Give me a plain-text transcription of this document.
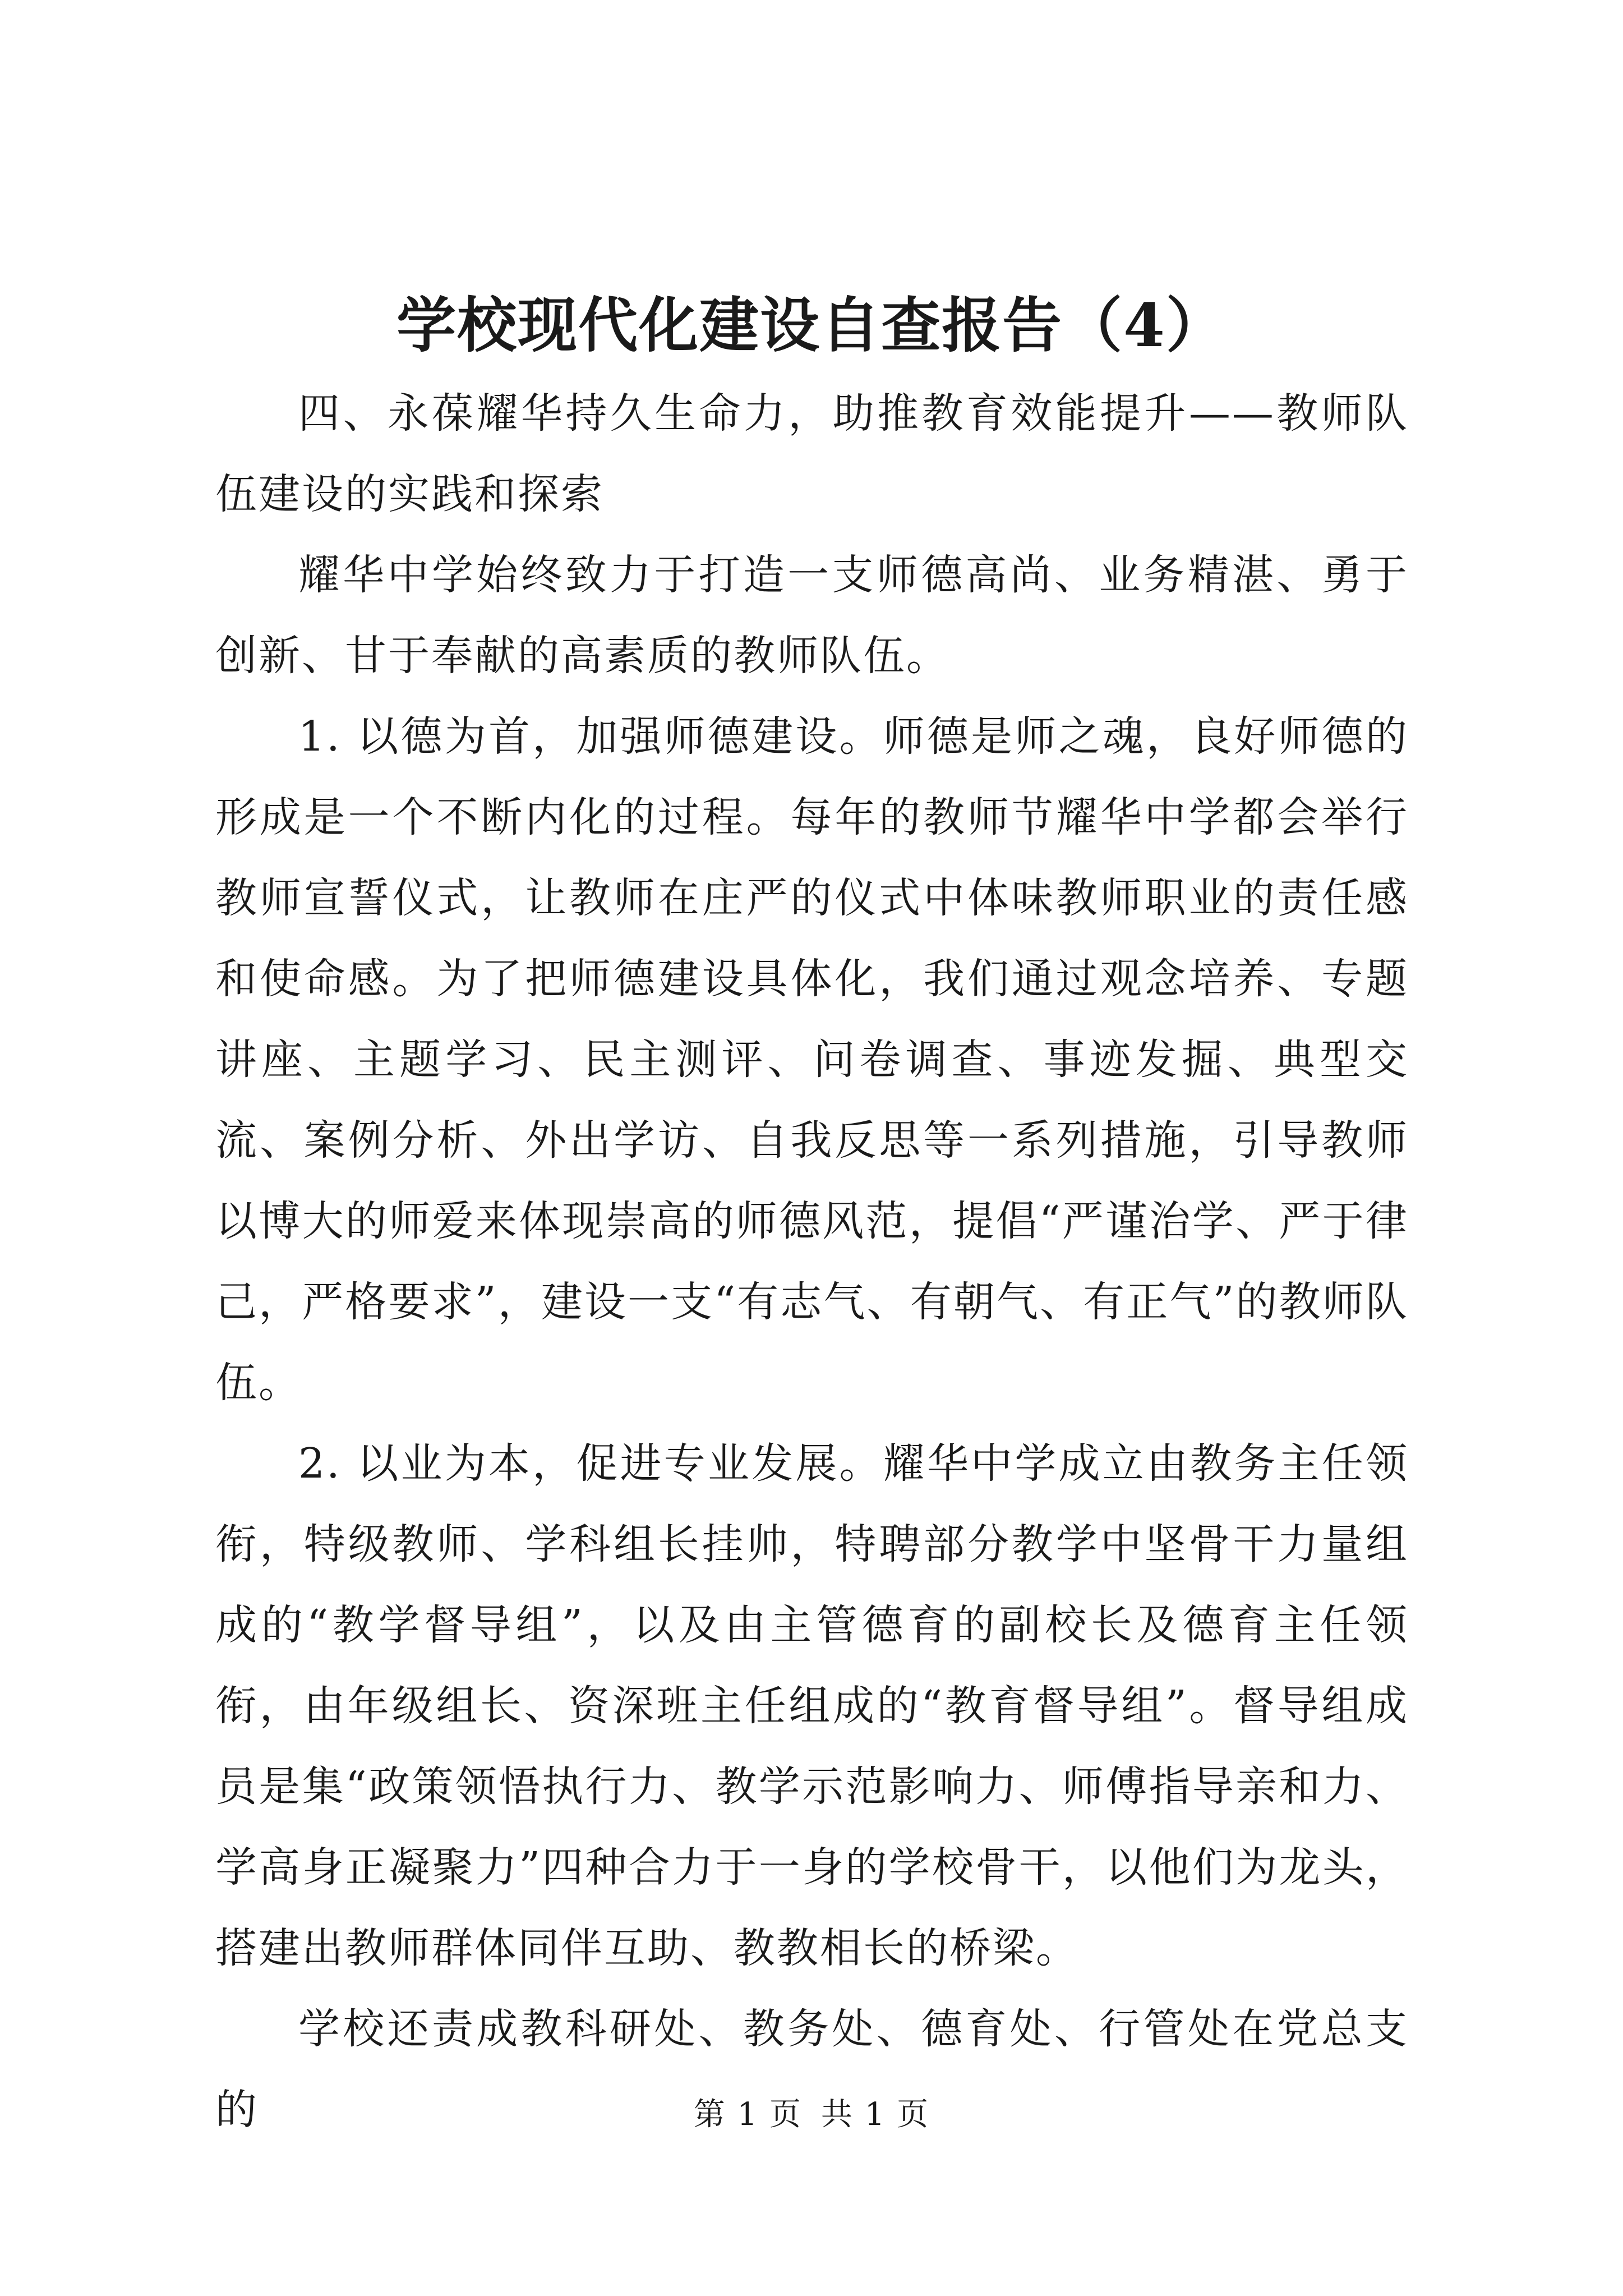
学校现代化建设自查报告（4）

四、永葆耀华持久生命力，助推教育效能提升——教师队伍建设的实践和探索

耀华中学始终致力于打造一支师德高尚、业务精湛、勇于创新、甘于奉献的高素质的教师队伍。

1. 以德为首，加强师德建设。师德是师之魂，良好师德的形成是一个不断内化的过程。每年的教师节耀华中学都会举行教师宣誓仪式，让教师在庄严的仪式中体味教师职业的责任感和使命感。为了把师德建设具体化，我们通过观念培养、专题讲座、主题学习、民主测评、问卷调查、事迹发掘、典型交流、案例分析、外出学访、自我反思等一系列措施，引导教师以博大的师爱来体现崇高的师德风范，提倡“严谨治学、严于律己，严格要求”，建设一支“有志气、有朝气、有正气”的教师队伍。

2. 以业为本，促进专业发展。耀华中学成立由教务主任领衔，特级教师、学科组长挂帅，特聘部分教学中坚骨干力量组成的“教学督导组”，以及由主管德育的副校长及德育主任领衔，由年级组长、资深班主任组成的“教育督导组”。督导组成员是集“政策领悟执行力、教学示范影响力、师傅指导亲和力、学高身正凝聚力”四种合力于一身的学校骨干，以他们为龙头，搭建出教师群体同伴互助、教教相长的桥梁。

学校还责成教科研处、教务处、德育处、行管处在党总支的	第 1 页 共 1 页
